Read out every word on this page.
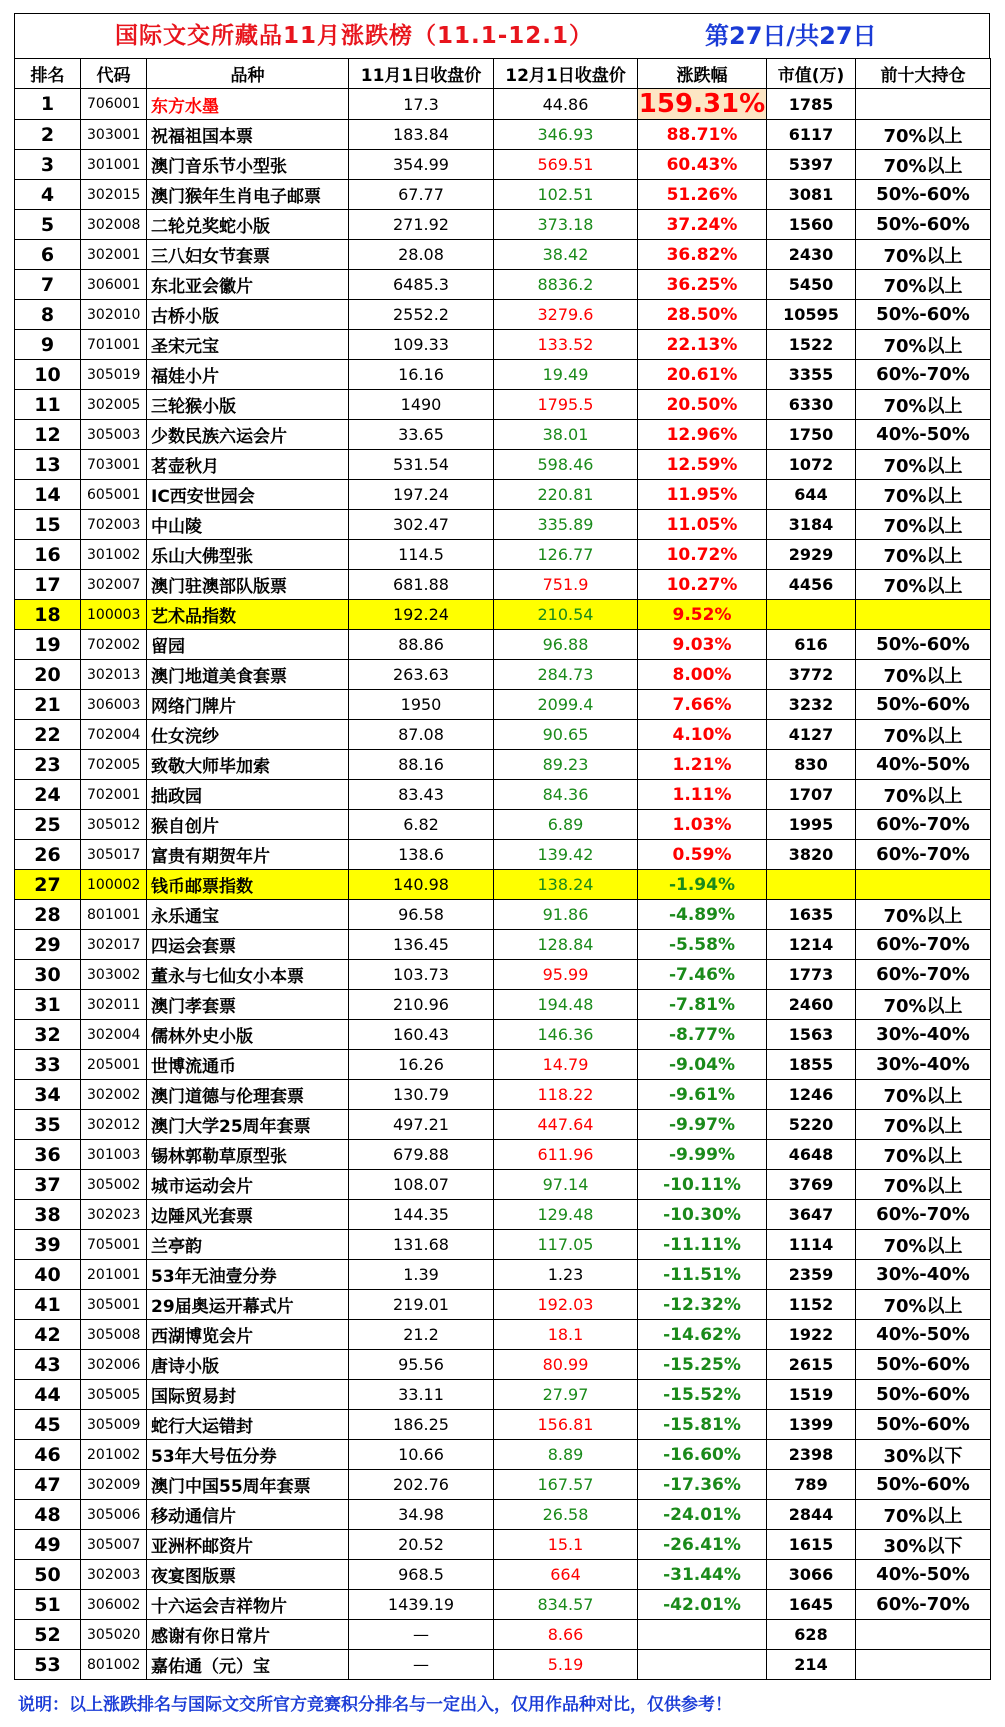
国际文交所藏品11月涨跌榜（11.1-12.1）	第27日/共27日
排名	代码	品种	11月1日收盘价	12月1日收盘价	涨跌幅	市值(万)	前十大持仓
1	706001	东方水墨	17.3	44.86	159.31%	1785	
2	303001	祝福祖国本票	183.84	346.93	88.71%	6117	70%以上
3	301001	澳门音乐节小型张	354.99	569.51	60.43%	5397	70%以上
4	302015	澳门猴年生肖电子邮票	67.77	102.51	51.26%	3081	50%-60%
5	302008	二轮兑奖蛇小版	271.92	373.18	37.24%	1560	50%-60%
6	302001	三八妇女节套票	28.08	38.42	36.82%	2430	70%以上
7	306001	东北亚会徽片	6485.3	8836.2	36.25%	5450	70%以上
8	302010	古桥小版	2552.2	3279.6	28.50%	10595	50%-60%
9	701001	圣宋元宝	109.33	133.52	22.13%	1522	70%以上
10	305019	福娃小片	16.16	19.49	20.61%	3355	60%-70%
11	302005	三轮猴小版	1490	1795.5	20.50%	6330	70%以上
12	305003	少数民族六运会片	33.65	38.01	12.96%	1750	40%-50%
13	703001	茗壶秋月	531.54	598.46	12.59%	1072	70%以上
14	605001	IC西安世园会	197.24	220.81	11.95%	644	70%以上
15	702003	中山陵	302.47	335.89	11.05%	3184	70%以上
16	301002	乐山大佛型张	114.5	126.77	10.72%	2929	70%以上
17	302007	澳门驻澳部队版票	681.88	751.9	10.27%	4456	70%以上
18	100003	艺术品指数	192.24	210.54	9.52%		
19	702002	留园	88.86	96.88	9.03%	616	50%-60%
20	302013	澳门地道美食套票	263.63	284.73	8.00%	3772	70%以上
21	306003	网络门牌片	1950	2099.4	7.66%	3232	50%-60%
22	702004	仕女浣纱	87.08	90.65	4.10%	4127	70%以上
23	702005	致敬大师毕加索	88.16	89.23	1.21%	830	40%-50%
24	702001	拙政园	83.43	84.36	1.11%	1707	70%以上
25	305012	猴自创片	6.82	6.89	1.03%	1995	60%-70%
26	305017	富贵有期贺年片	138.6	139.42	0.59%	3820	60%-70%
27	100002	钱币邮票指数	140.98	138.24	-1.94%		
28	801001	永乐通宝	96.58	91.86	-4.89%	1635	70%以上
29	302017	四运会套票	136.45	128.84	-5.58%	1214	60%-70%
30	303002	董永与七仙女小本票	103.73	95.99	-7.46%	1773	60%-70%
31	302011	澳门孝套票	210.96	194.48	-7.81%	2460	70%以上
32	302004	儒林外史小版	160.43	146.36	-8.77%	1563	30%-40%
33	205001	世博流通币	16.26	14.79	-9.04%	1855	30%-40%
34	302002	澳门道德与伦理套票	130.79	118.22	-9.61%	1246	70%以上
35	302012	澳门大学25周年套票	497.21	447.64	-9.97%	5220	70%以上
36	301003	锡林郭勒草原型张	679.88	611.96	-9.99%	4648	70%以上
37	305002	城市运动会片	108.07	97.14	-10.11%	3769	70%以上
38	302023	边陲风光套票	144.35	129.48	-10.30%	3647	60%-70%
39	705001	兰亭韵	131.68	117.05	-11.11%	1114	70%以上
40	201001	53年无油壹分券	1.39	1.23	-11.51%	2359	30%-40%
41	305001	29届奥运开幕式片	219.01	192.03	-12.32%	1152	70%以上
42	305008	西湖博览会片	21.2	18.1	-14.62%	1922	40%-50%
43	302006	唐诗小版	95.56	80.99	-15.25%	2615	50%-60%
44	305005	国际贸易封	33.11	27.97	-15.52%	1519	50%-60%
45	305009	蛇行大运错封	186.25	156.81	-15.81%	1399	50%-60%
46	201002	53年大号伍分券	10.66	8.89	-16.60%	2398	30%以下
47	302009	澳门中国55周年套票	202.76	167.57	-17.36%	789	50%-60%
48	305006	移动通信片	34.98	26.58	-24.01%	2844	70%以上
49	305007	亚洲杯邮资片	20.52	15.1	-26.41%	1615	30%以下
50	302003	夜宴图版票	968.5	664	-31.44%	3066	40%-50%
51	306002	十六运会吉祥物片	1439.19	834.57	-42.01%	1645	60%-70%
52	305020	感谢有你日常片	—	8.66		628	
53	801002	嘉佑通（元）宝	—	5.19		214	
说明：以上涨跌排名与国际文交所官方竞赛积分排名与一定出入，仅用作品种对比，仅供参考！
